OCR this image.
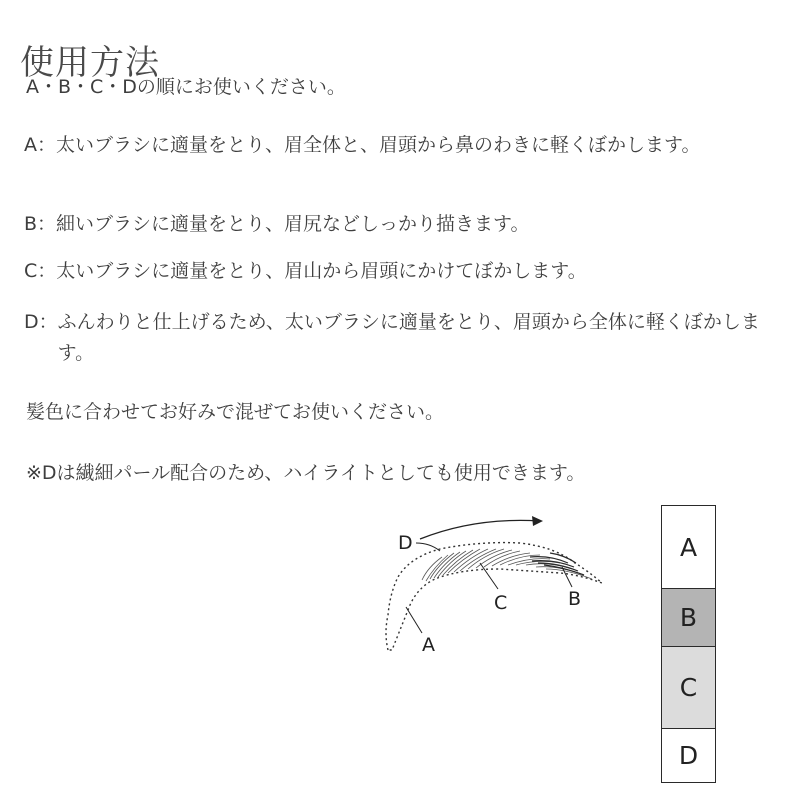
使用方法
A・B・C・Dの順にお使いください。
A： 太いブラシに適量をとり、眉全体と、眉頭から鼻のわきに軽くぼかします。
B： 細いブラシに適量をとり、眉尻などしっかり描きます。
C： 太いブラシに適量をとり、眉山から眉頭にかけてぼかします。
D： ふんわりと仕上げるため、太いブラシに適量をとり、眉頭から全体に軽くぼかします。
髪色に合わせてお好みで混ぜてお使いください。
※Dは繊細パール配合のため、ハイライトとしても使用できます。
D
C	B
A
A
B
C
D
